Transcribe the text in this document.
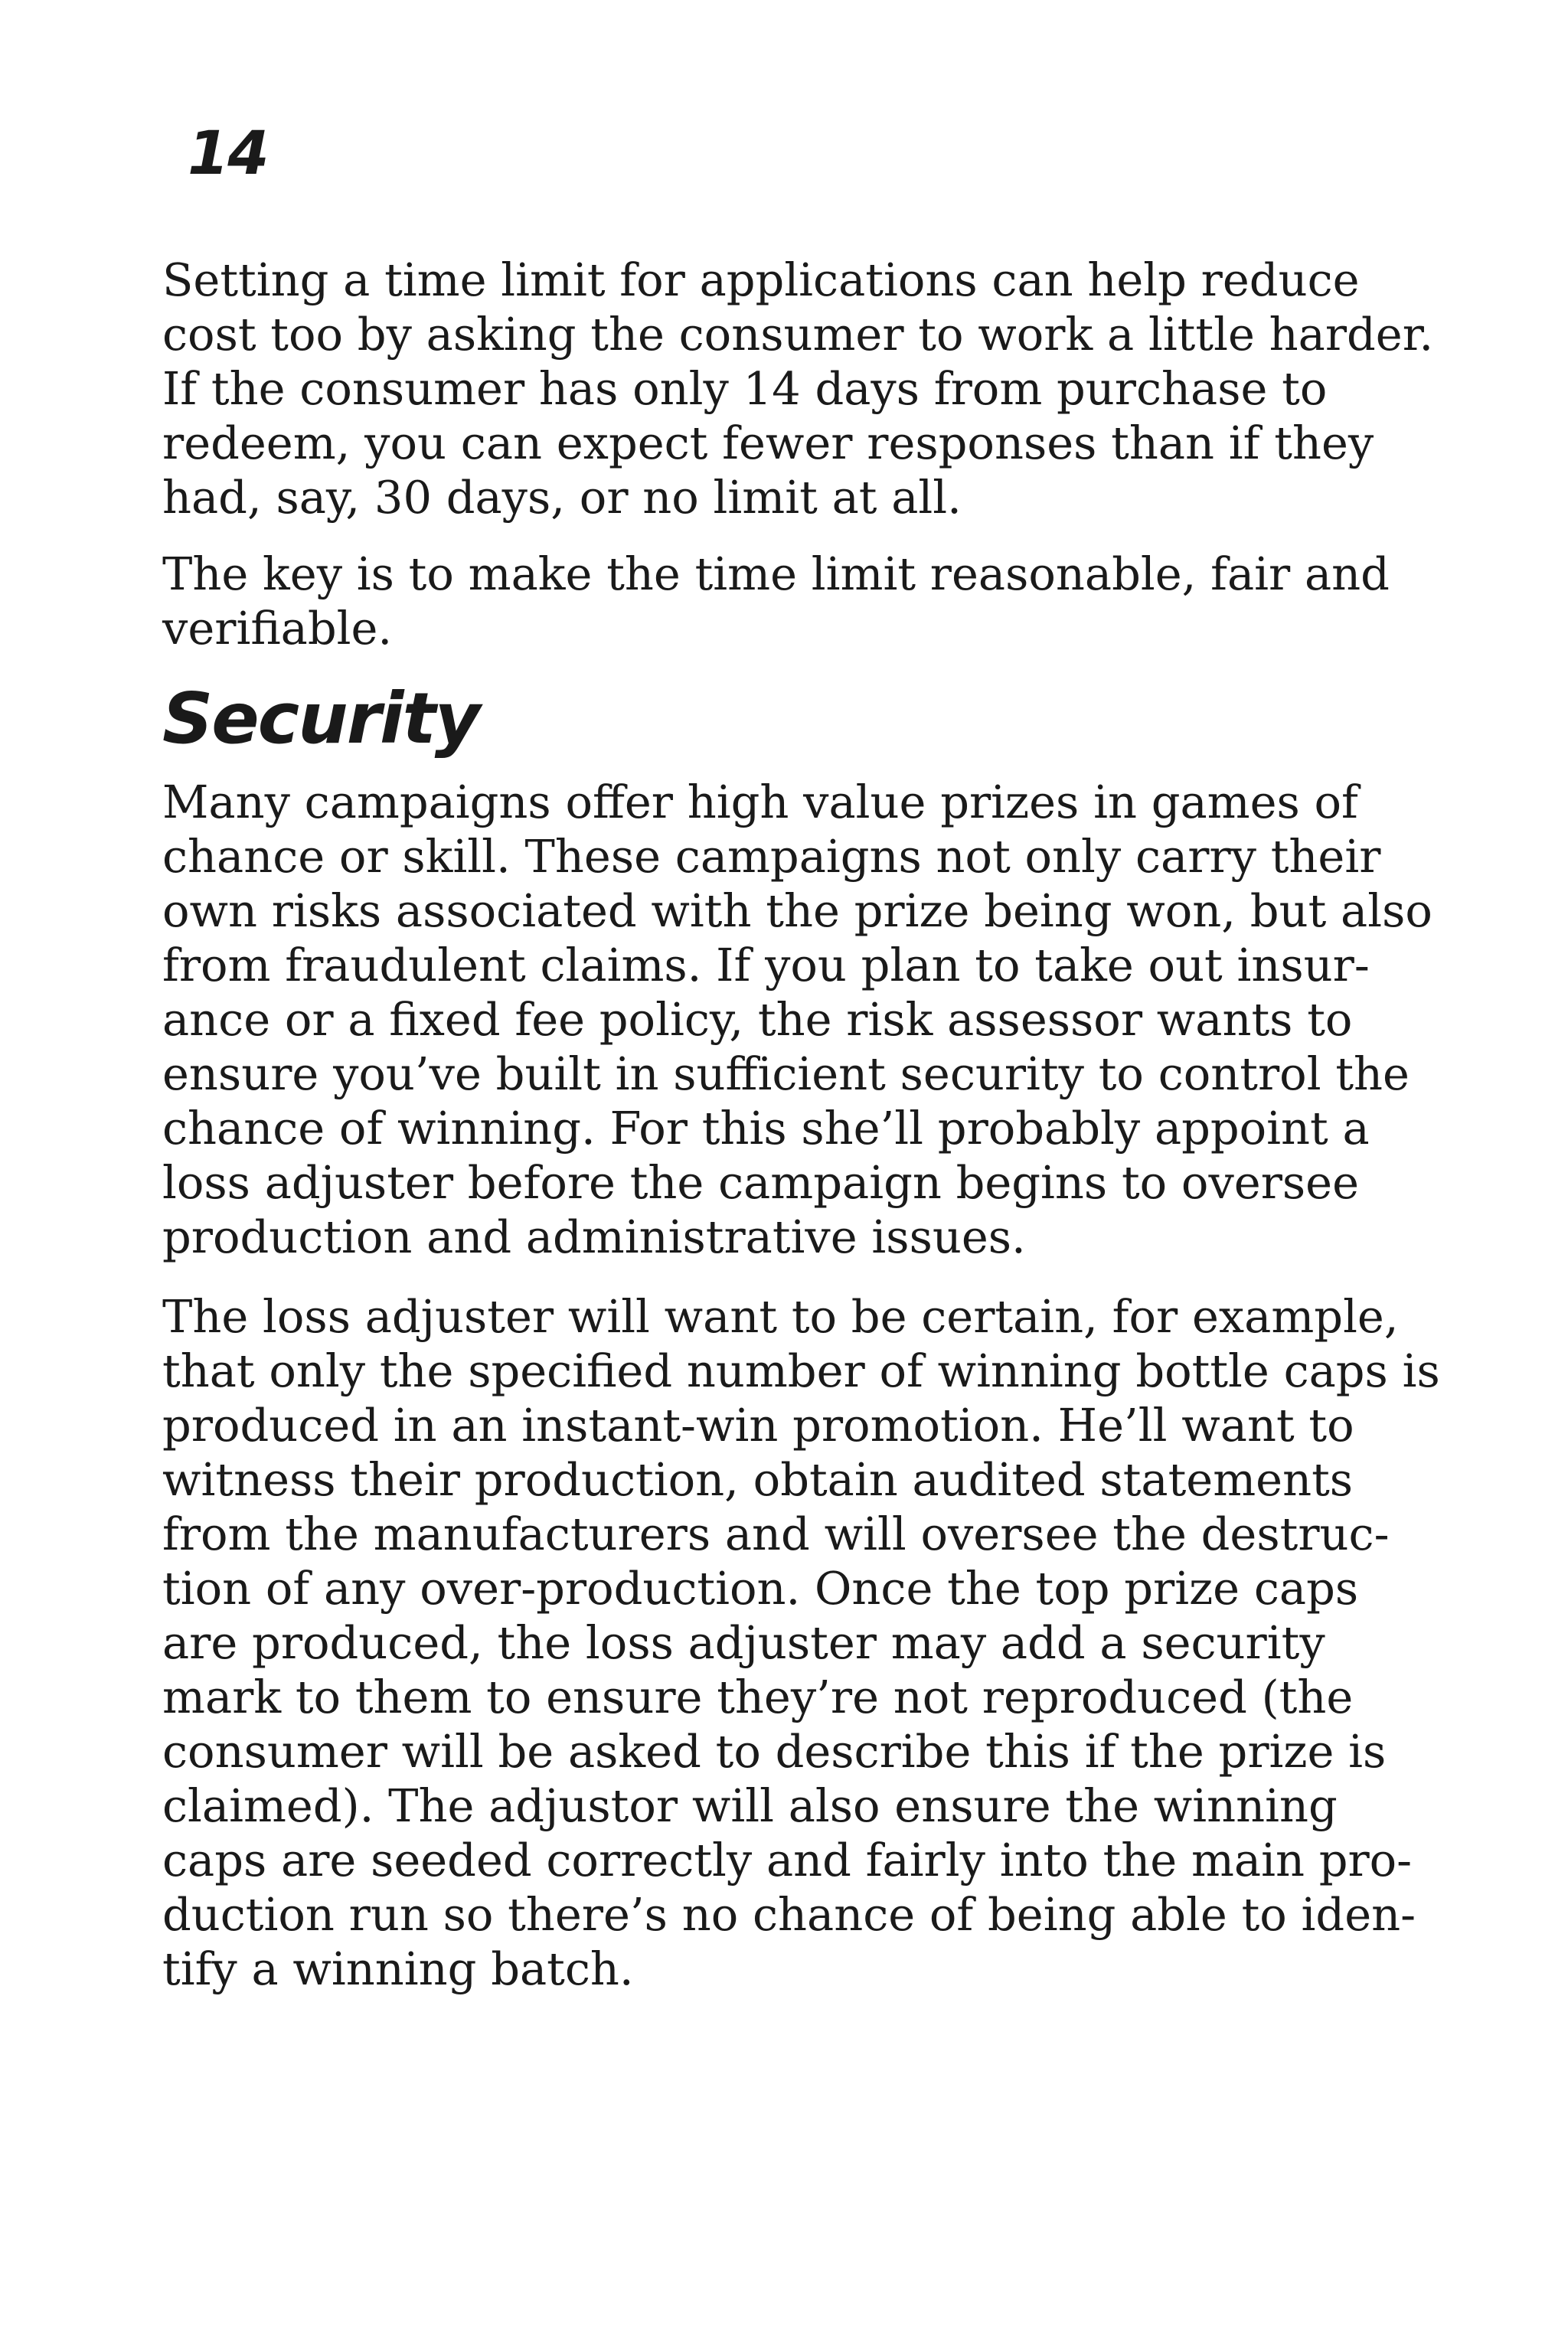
14

Setting a time limit for applications can help reduce
cost too by asking the consumer to work a little harder.
If the consumer has only 14 days from purchase to
redeem, you can expect fewer responses than if they
had, say, 30 days, or no limit at all.

The key is to make the time limit reasonable, fair and
verifiable.

Security

Many campaigns offer high value prizes in games of
chance or skill. These campaigns not only carry their
own risks associated with the prize being won, but also
from fraudulent claims. If you plan to take out insur-
ance or a fixed fee policy, the risk assessor wants to
ensure you’ve built in sufficient security to control the
chance of winning. For this she’ll probably appoint a
loss adjuster before the campaign begins to oversee
production and administrative issues.

The loss adjuster will want to be certain, for example,
that only the specified number of winning bottle caps is
produced in an instant-win promotion. He’ll want to
witness their production, obtain audited statements
from the manufacturers and will oversee the destruc-
tion of any over-production. Once the top prize caps
are produced, the loss adjuster may add a security
mark to them to ensure they’re not reproduced (the
consumer will be asked to describe this if the prize is
claimed). The adjustor will also ensure the winning
caps are seeded correctly and fairly into the main pro-
duction run so there’s no chance of being able to iden-
tify a winning batch.
